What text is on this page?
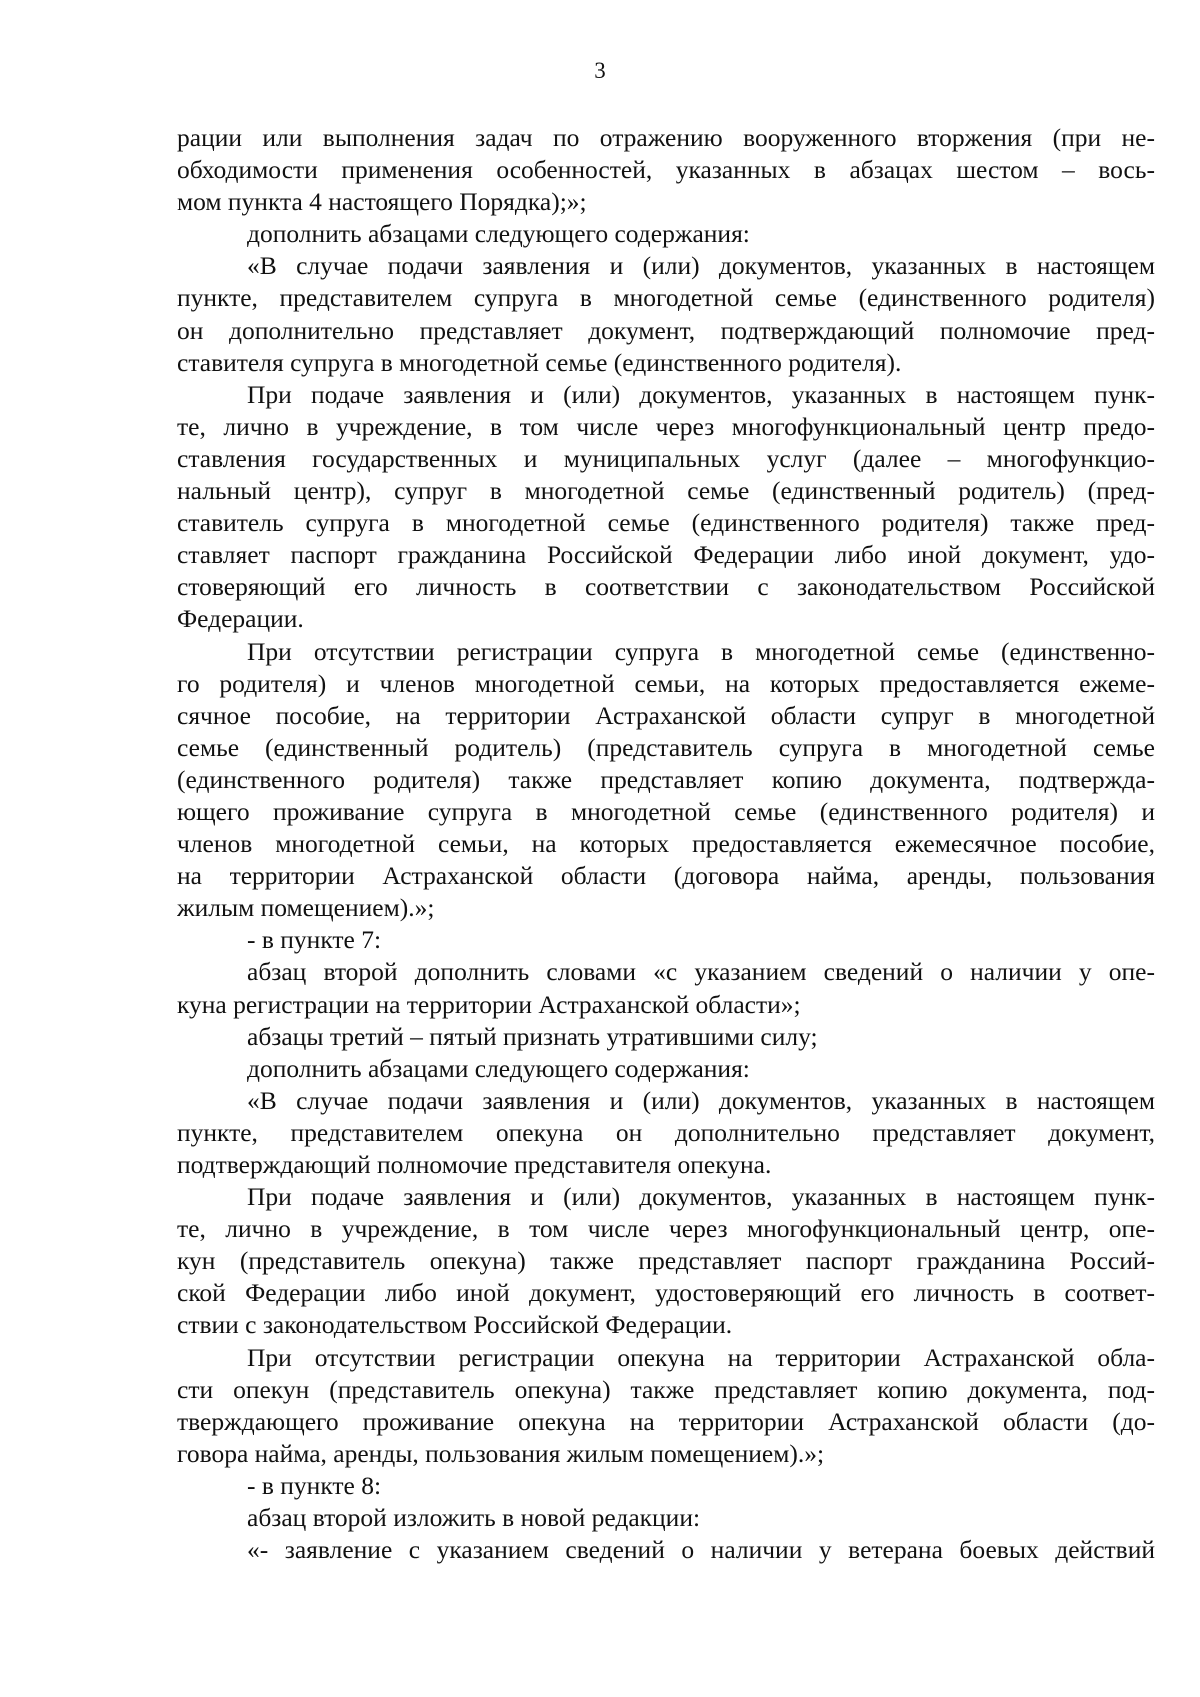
3
рации или выполнения задач по отражению вооруженного вторжения (при не-
обходимости применения особенностей, указанных в абзацах шестом – вось-
мом пункта 4 настоящего Порядка);»;
дополнить абзацами следующего содержания:
«В случае подачи заявления и (или) документов, указанных в настоящем
пункте, представителем супруга в многодетной семье (единственного родителя)
он дополнительно представляет документ, подтверждающий полномочие пред-
ставителя супруга в многодетной семье (единственного родителя).
При подаче заявления и (или) документов, указанных в настоящем пунк-
те, лично в учреждение, в том числе через многофункциональный центр предо-
ставления государственных и муниципальных услуг (далее – многофункцио-
нальный центр), супруг в многодетной семье (единственный родитель) (пред-
ставитель супруга в многодетной семье (единственного родителя) также пред-
ставляет паспорт гражданина Российской Федерации либо иной документ, удо-
стоверяющий его личность в соответствии с законодательством Российской
Федерации.
При отсутствии регистрации супруга в многодетной семье (единственно-
го родителя) и членов многодетной семьи, на которых предоставляется ежеме-
сячное пособие, на территории Астраханской области супруг в многодетной
семье (единственный родитель) (представитель супруга в многодетной семье
(единственного родителя) также представляет копию документа, подтвержда-
ющего проживание супруга в многодетной семье (единственного родителя) и
членов многодетной семьи, на которых предоставляется ежемесячное пособие,
на территории Астраханской области (договора найма, аренды, пользования
жилым помещением).»;
- в пункте 7:
абзац второй дополнить словами «с указанием сведений о наличии у опе-
куна регистрации на территории Астраханской области»;
абзацы третий – пятый признать утратившими силу;
дополнить абзацами следующего содержания:
«В случае подачи заявления и (или) документов, указанных в настоящем
пункте, представителем опекуна он дополнительно представляет документ,
подтверждающий полномочие представителя опекуна.
При подаче заявления и (или) документов, указанных в настоящем пунк-
те, лично в учреждение, в том числе через многофункциональный центр, опе-
кун (представитель опекуна) также представляет паспорт гражданина Россий-
ской Федерации либо иной документ, удостоверяющий его личность в соответ-
ствии с законодательством Российской Федерации.
При отсутствии регистрации опекуна на территории Астраханской обла-
сти опекун (представитель опекуна) также представляет копию документа, под-
тверждающего проживание опекуна на территории Астраханской области (до-
говора найма, аренды, пользования жилым помещением).»;
- в пункте 8:
абзац второй изложить в новой редакции:
«- заявление с указанием сведений о наличии у ветерана боевых действий
